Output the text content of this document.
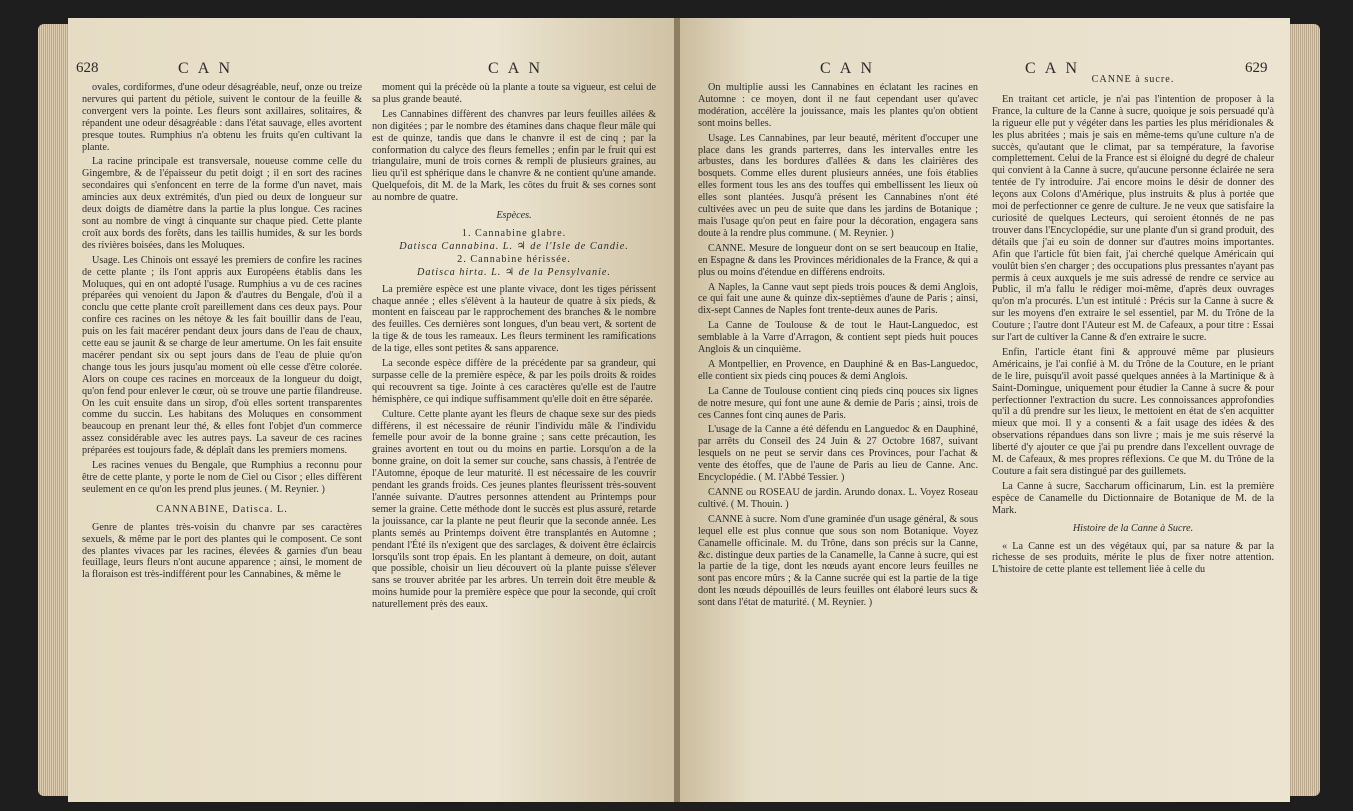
628	C A N	C A N

ovales, cordiformes, d'une odeur désagréable, neuf, onze ou treize nervures qui partent du pétiole, suivent le contour de la feuille & convergent vers la pointe. Les fleurs sont axillaires, solitaires, & répandent une odeur désagréable : dans l'état sauvage, elles avortent presque toutes. Rumphius n'a obtenu les fruits qu'en cultivant la plante.

La racine principale est transversale, noueuse comme celle du Gingembre, & de l'épaisseur du petit doigt ; il en sort des racines secondaires qui s'enfoncent en terre de la forme d'un navet, mais amincies aux deux extrémités, d'un pied ou deux de longueur sur deux doigts de diamètre dans la partie la plus longue. Ces racines sont au nombre de vingt à cinquante sur chaque pied. Cette plante croît aux bords des forêts, dans les taillis humides, & sur les bords des rivières boisées, dans les Moluques.

Usage. Les Chinois ont essayé les premiers de confire les racines de cette plante ; ils l'ont appris aux Européens établis dans les Moluques, qui en ont adopté l'usage. Rumphius a vu de ces racines préparées qui venoient du Japon & d'autres du Bengale, d'où il a conclu que cette plante croît pareillement dans ces deux pays. Pour confire ces racines on les nétoye & les fait bouillir dans de l'eau, puis on les fait macérer pendant deux jours dans de l'eau de chaux, cette eau se jaunit & se charge de leur amertume. On les fait ensuite macérer pendant six ou sept jours dans de l'eau de pluie qu'on change tous les jours jusqu'au moment où elle cesse d'être colorée. Alors on coupe ces racines en morceaux de la longueur du doigt, qu'on fend pour enlever le cœur, où se trouve une partie filandreuse. On les cuit ensuite dans un sirop, d'où elles sortent transparentes comme du succin. Les habitans des Moluques en consomment beaucoup en prenant leur thé, & elles font l'objet d'un commerce assez considérable avec les autres pays. La saveur de ces racines préparées est toujours fade, & déplaît dans les premiers momens.

Les racines venues du Bengale, que Rumphius a reconnu pour être de cette plante, y porte le nom de Ciel ou Cisor ; elles diffèrent seulement en ce qu'on les prend plus jeunes. ( M. Reynier. )

CANNABINE, Datisca. L.

Genre de plantes très-voisin du chanvre par ses caractères sexuels, & même par le port des plantes qui le composent. Ce sont des plantes vivaces par les racines, élevées & garnies d'un beau feuillage, leurs fleurs n'ont aucune apparence ; ainsi, le moment de la floraison est très-indifférent pour les Cannabines, & même le

moment qui la précède où la plante a toute sa vigueur, est celui de sa plus grande beauté.

Les Cannabines diffèrent des chanvres par leurs feuilles ailées & non digitées ; par le nombre des étamines dans chaque fleur mâle qui est de quinze, tandis que dans le chanvre il est de cinq ; par la conformation du calyce des fleurs femelles ; enfin par le fruit qui est triangulaire, muni de trois cornes & rempli de plusieurs graines, au lieu qu'il est sphérique dans le chanvre & ne contient qu'une amande. Quelquefois, dit M. de la Mark, les côtes du fruit & ses cornes sont au nombre de quatre.

Espèces.

1. Cannabine glabre.

Datisca Cannabina. L. ♃ de l'Isle de Candie.

2. Cannabine hérissée.

Datisca hirta. L. ♃ de la Pensylvanie.

La première espèce est une plante vivace, dont les tiges périssent chaque année ; elles s'élèvent à la hauteur de quatre à six pieds, & montent en faisceau par le rapprochement des branches & le nombre des feuilles. Ces dernières sont longues, d'un beau vert, & sortent de la tige & de tous les rameaux. Les fleurs terminent les ramifications de la tige, elles sont petites & sans apparence.

La seconde espèce diffère de la précédente par sa grandeur, qui surpasse celle de la première espèce, & par les poils droits & roides qui recouvrent sa tige. Jointe à ces caractères qu'elle est de l'autre hémisphère, ce qui indique suffisamment qu'elle doit en être séparée.

Culture. Cette plante ayant les fleurs de chaque sexe sur des pieds différens, il est nécessaire de réunir l'individu mâle & l'individu femelle pour avoir de la bonne graine ; sans cette précaution, les graines avortent en tout ou du moins en partie. Lorsqu'on a de la bonne graine, on doit la semer sur couche, sans chassis, à l'entrée de l'Automne, époque de leur maturité. Il est nécessaire de les couvrir pendant les grands froids. Ces jeunes plantes fleurissent très-souvent l'année suivante. D'autres personnes attendent au Printemps pour semer la graine. Cette méthode dont le succès est plus assuré, retarde la jouissance, car la plante ne peut fleurir que la seconde année. Les plants semés au Printemps doivent être transplantés en Automne ; pendant l'Été ils n'exigent que des sarclages, & doivent être éclaircis lorsqu'ils sont trop épais. En les plantant à demeure, on doit, autant que possible, choisir un lieu découvert où la plante puisse s'élever sans se trouver abritée par les arbres. Un terrein doit être meuble & moins humide pour la première espèce que pour la seconde, qui croît naturellement près des eaux.

C A N	C A N	629

On multiplie aussi les Cannabines en éclatant les racines en Automne : ce moyen, dont il ne faut cependant user qu'avec modération, accélère la jouissance, mais les plantes qu'on obtient sont moins belles.

Usage. Les Cannabines, par leur beauté, méritent d'occuper une place dans les grands parterres, dans les intervalles entre les arbustes, dans les bordures d'allées & dans les clairières des bosquets. Comme elles durent plusieurs années, une fois établies elles forment tous les ans des touffes qui embellissent les lieux où elles sont plantées. Jusqu'à présent les Cannabines n'ont été cultivées avec un peu de suite que dans les jardins de Botanique ; mais l'usage qu'on peut en faire pour la décoration, engagera sans doute à la rendre plus commune. ( M. Reynier. )

CANNE. Mesure de longueur dont on se sert beaucoup en Italie, en Espagne & dans les Provinces méridionales de la France, & qui a plus ou moins d'étendue en différens endroits.

A Naples, la Canne vaut sept pieds trois pouces & demi Anglois, ce qui fait une aune & quinze dix-septièmes d'aune de Paris ; ainsi, dix-sept Cannes de Naples font trente-deux aunes de Paris.

La Canne de Toulouse & de tout le Haut-Languedoc, est semblable à la Varre d'Arragon, & contient sept pieds huit pouces Anglois & un cinquième.

A Montpellier, en Provence, en Dauphiné & en Bas-Languedoc, elle contient six pieds cinq pouces & demi Anglois.

La Canne de Toulouse contient cinq pieds cinq pouces six lignes de notre mesure, qui font une aune & demie de Paris ; ainsi, trois de ces Cannes font cinq aunes de Paris.

L'usage de la Canne a été défendu en Languedoc & en Dauphiné, par arrêts du Conseil des 24 Juin & 27 Octobre 1687, suivant lesquels on ne peut se servir dans ces Provinces, pour l'achat & vente des étoffes, que de l'aune de Paris au lieu de Canne. Anc. Encyclopédie. ( M. l'Abbé Tessier. )

CANNE ou ROSEAU de jardin. Arundo donax. L. Voyez Roseau cultivé. ( M. Thouin. )

CANNE à sucre. Nom d'une graminée d'un usage général, & sous lequel elle est plus connue que sous son nom Botanique. Voyez Canamelle officinale. M. du Trône, dans son précis sur la Canne, &c. distingue deux parties de la Canamelle, la Canne à sucre, qui est la partie de la tige, dont les nœuds ayant encore leurs feuilles ne sont pas encore mûrs ; & la Canne sucrée qui est la partie de la tige dont les nœuds dépouillés de leurs feuilles ont élaboré leurs sucs & sont dans l'état de maturité. ( M. Reynier. )

CANNE à sucre.

En traitant cet article, je n'ai pas l'intention de proposer à la France, la culture de la Canne à sucre, quoique je sois persuadé qu'à la rigueur elle put y végéter dans les parties les plus méridionales & les plus abritées ; mais je sais en même-tems qu'une culture n'a de succès, qu'autant que le climat, par sa température, la favorise complettement. Celui de la France est si éloigné du degré de chaleur qui convient à la Canne à sucre, qu'aucune personne éclairée ne sera tentée de l'y introduire. J'ai encore moins le désir de donner des leçons aux Colons d'Amérique, plus instruits & plus à portée que moi de perfectionner ce genre de culture. Je ne veux que satisfaire la curiosité de quelques Lecteurs, qui seroient étonnés de ne pas trouver dans l'Encyclopédie, sur une plante d'un si grand produit, des détails que j'ai eu soin de donner sur d'autres moins importantes. Afin que l'article fût bien fait, j'ai cherché quelque Américain qui voulût bien s'en charger ; des occupations plus pressantes n'ayant pas permis à ceux auxquels je me suis adressé de rendre ce service au Public, il m'a fallu le rédiger moi-même, d'après deux ouvrages qu'on m'a procurés. L'un est intitulé : Précis sur la Canne à sucre & sur les moyens d'en extraire le sel essentiel, par M. du Trône de la Couture ; l'autre dont l'Auteur est M. de Cafeaux, a pour titre : Essai sur l'art de cultiver la Canne & d'en extraire le sucre.

Enfin, l'article étant fini & approuvé même par plusieurs Américains, je l'ai confié à M. du Trône de la Couture, en le priant de le lire, puisqu'il avoit passé quelques années à la Martinique & à Saint-Domingue, uniquement pour étudier la Canne à sucre & pour perfectionner l'extraction du sucre. Les connoissances approfondies qu'il a dû prendre sur les lieux, le mettoient en état de s'en acquitter mieux que moi. Il y a consenti & a fait usage des idées & des observations répandues dans son livre ; mais je me suis réservé la liberté d'y ajouter ce que j'ai pu prendre dans l'excellent ouvrage de M. de Cafeaux, & mes propres réflexions. Ce que M. du Trône de la Couture a fait sera distingué par des guillemets.

La Canne à sucre, Saccharum officinarum, Lin. est la première espèce de Canamelle du Dictionnaire de Botanique de M. de la Mark.

Histoire de la Canne à Sucre.

« La Canne est un des végétaux qui, par sa nature & par la richesse de ses produits, mérite le plus de fixer notre attention. L'histoire de cette plante est tellement liée à celle du
